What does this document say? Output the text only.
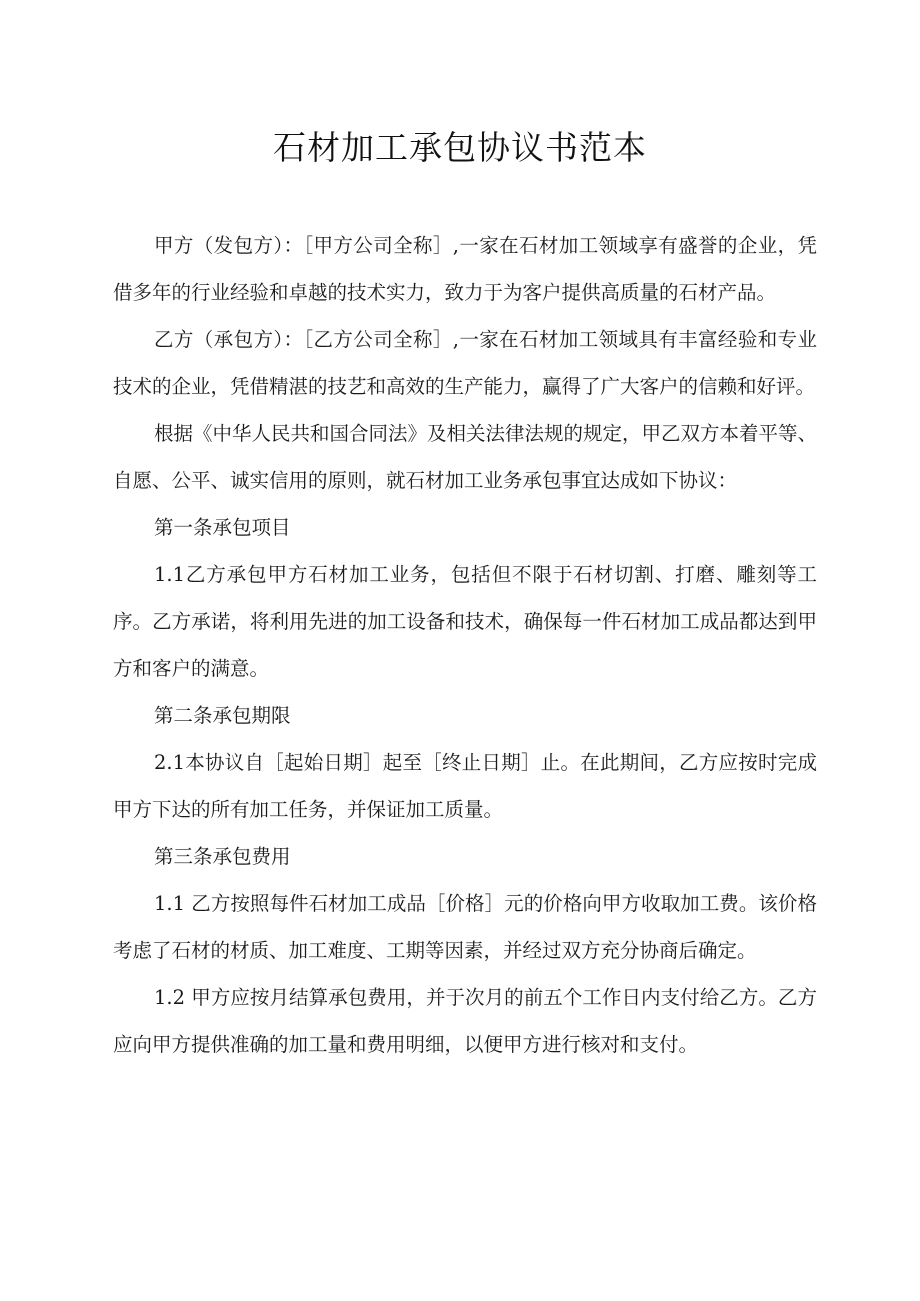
石材加工承包协议书范本

甲方（发包方）：［甲方公司全称］,一家在石材加工领域享有盛誉的企业，凭借多年的行业经验和卓越的技术实力，致力于为客户提供高质量的石材产品。

乙方（承包方）：［乙方公司全称］,一家在石材加工领域具有丰富经验和专业技术的企业，凭借精湛的技艺和高效的生产能力，赢得了广大客户的信赖和好评。

根据《中华人民共和国合同法》及相关法律法规的规定，甲乙双方本着平等、自愿、公平、诚实信用的原则，就石材加工业务承包事宜达成如下协议：

第一条承包项目

1.1乙方承包甲方石材加工业务，包括但不限于石材切割、打磨、雕刻等工序。乙方承诺，将利用先进的加工设备和技术，确保每一件石材加工成品都达到甲方和客户的满意。

第二条承包期限

2.1本协议自［起始日期］起至［终止日期］止。在此期间，乙方应按时完成甲方下达的所有加工任务，并保证加工质量。

第三条承包费用

1.1 乙方按照每件石材加工成品［价格］元的价格向甲方收取加工费。该价格考虑了石材的材质、加工难度、工期等因素，并经过双方充分协商后确定。

1.2 甲方应按月结算承包费用，并于次月的前五个工作日内支付给乙方。乙方应向甲方提供准确的加工量和费用明细，以便甲方进行核对和支付。
